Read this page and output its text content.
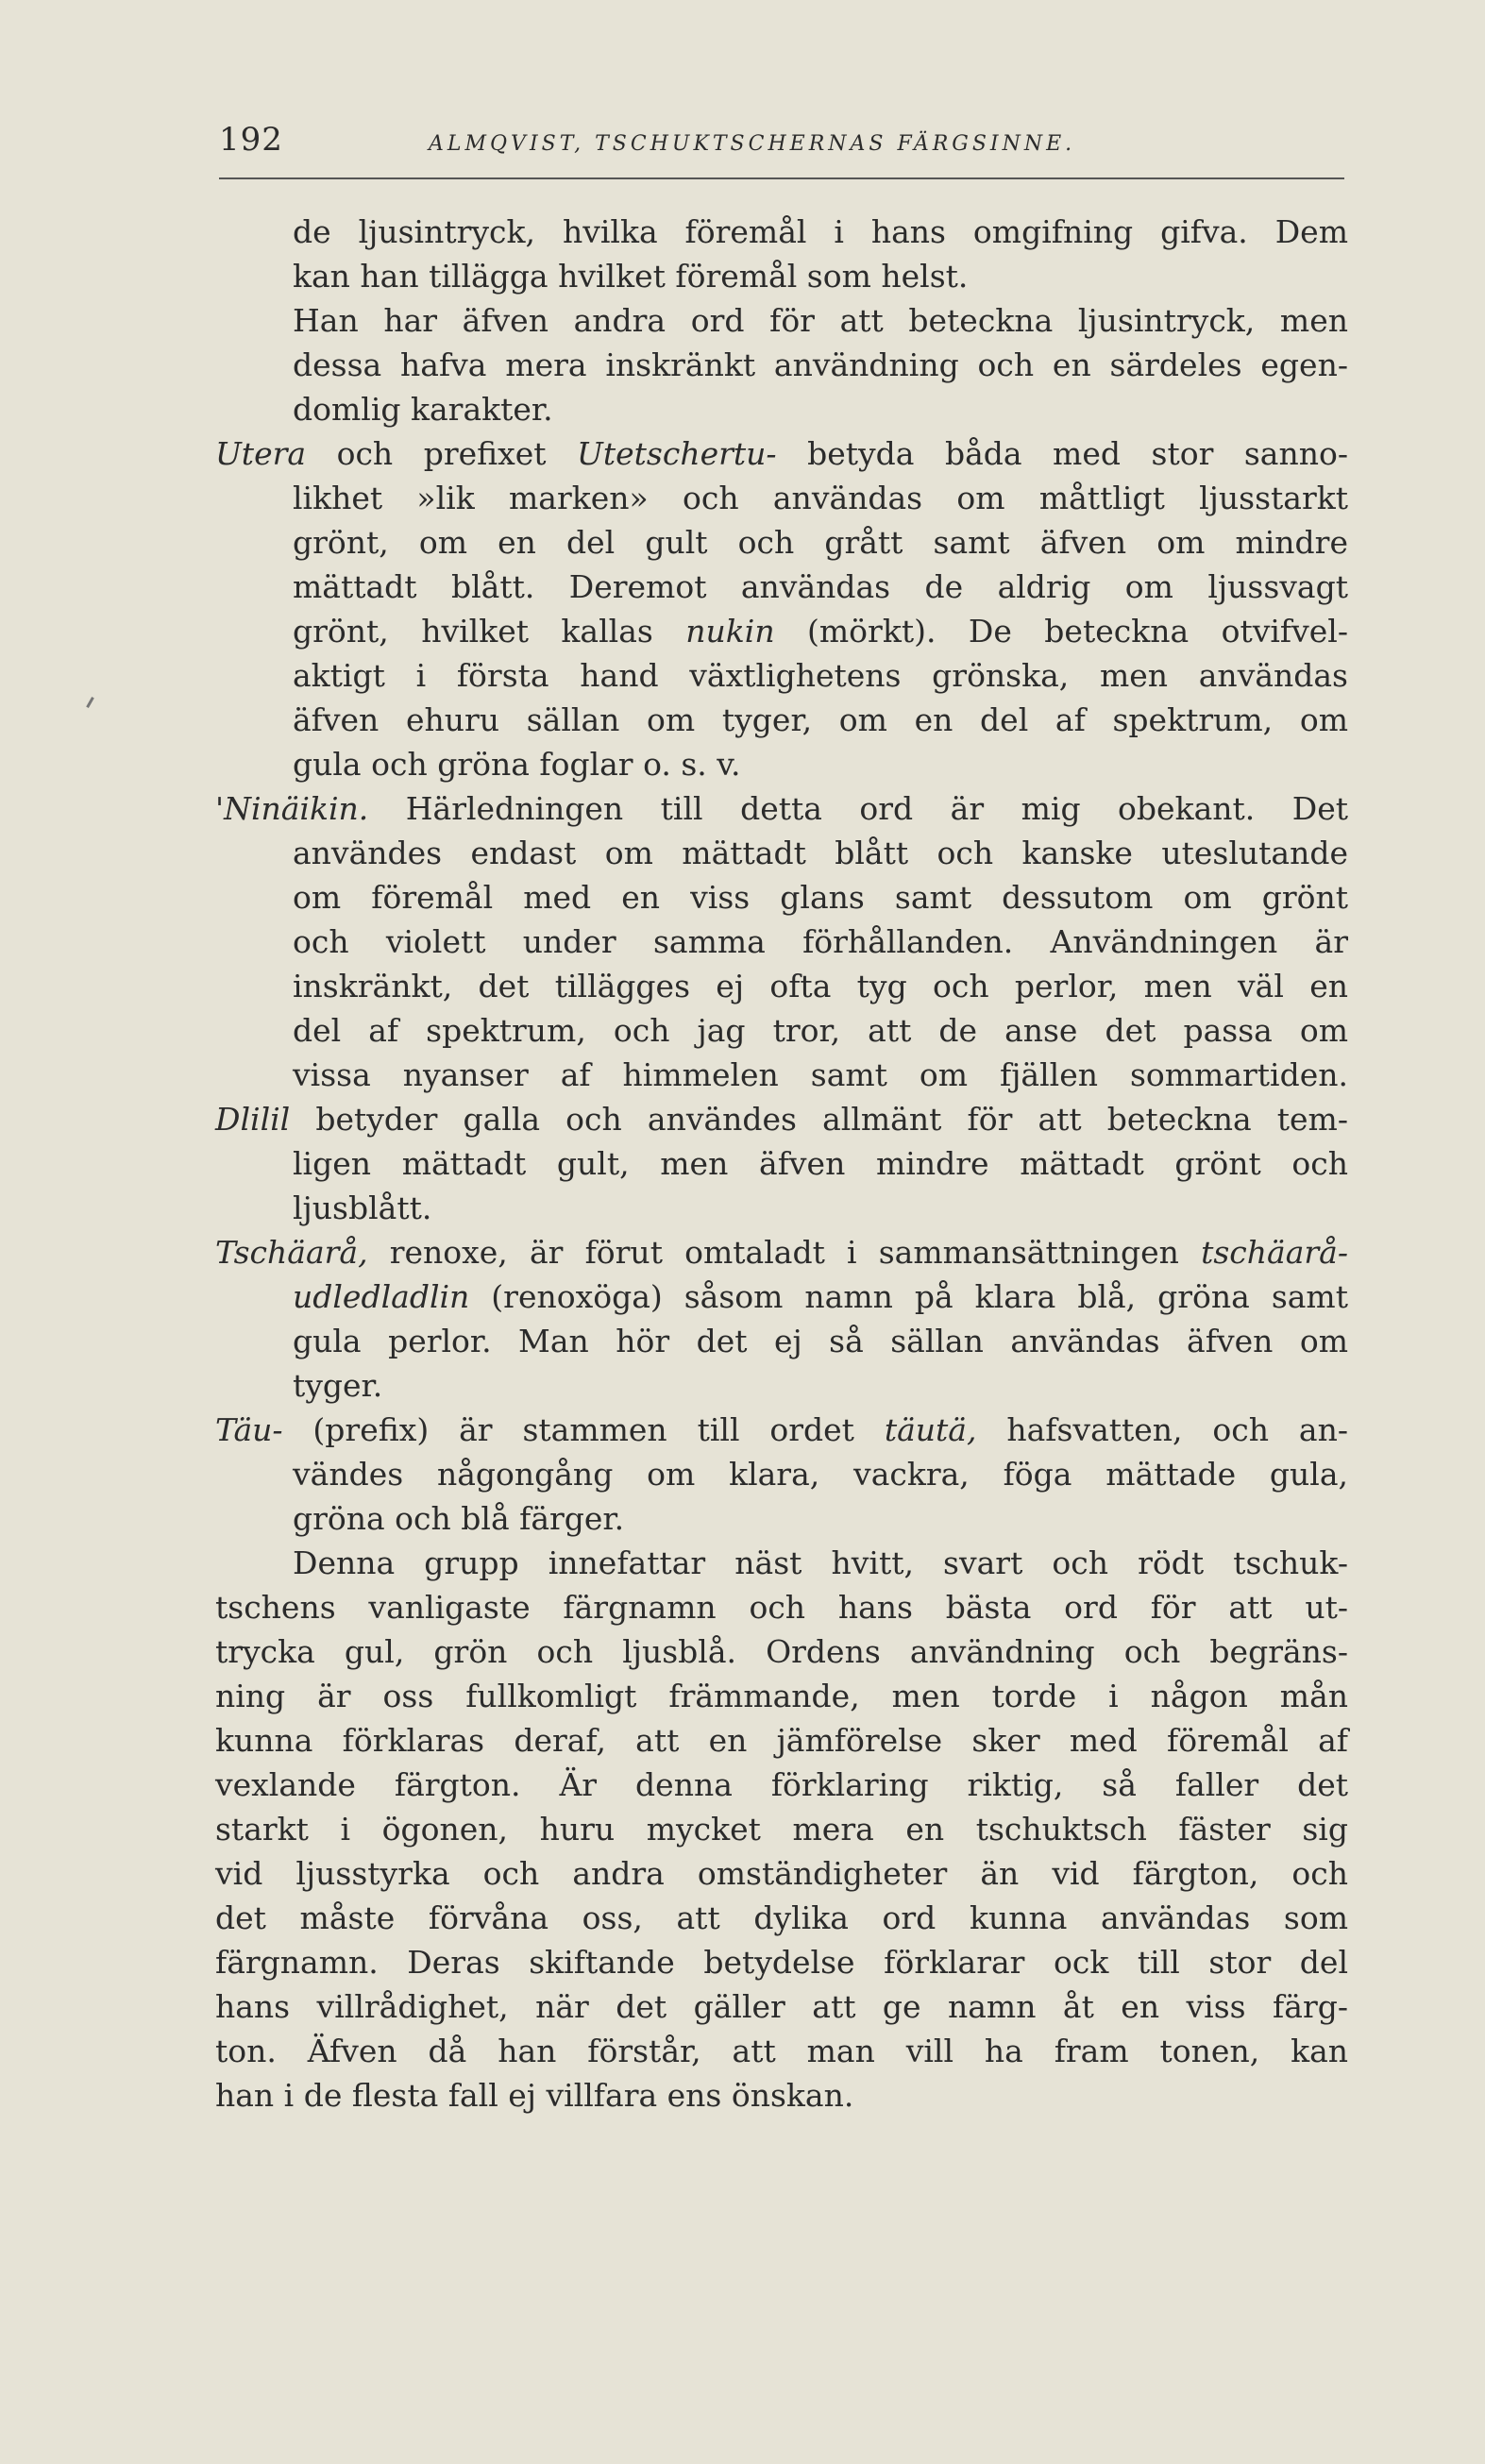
192	ALMQVIST, TSCHUKTSCHERNAS FÄRGSINNE.
de ljusintryck, hvilka föremål i hans omgifning gifva. Dem
kan han tillägga hvilket föremål som helst.
Han har äfven andra ord för att beteckna ljusintryck, men
dessa hafva mera inskränkt användning och en särdeles egen-
domlig karakter.
Utera och prefixet Utetschertu- betyda båda med stor sanno-
likhet »lik marken» och användas om måttligt ljusstarkt
grönt, om en del gult och grått samt äfven om mindre
mättadt blått. Deremot användas de aldrig om ljussvagt
grönt, hvilket kallas nukin (mörkt). De beteckna otvifvel-
aktigt i första hand växtlighetens grönska, men användas
äfven ehuru sällan om tyger, om en del af spektrum, om
gula och gröna foglar o. s. v.
'Ninäikin. Härledningen till detta ord är mig obekant. Det
användes endast om mättadt blått och kanske uteslutande
om föremål med en viss glans samt dessutom om grönt
och violett under samma förhållanden. Användningen är
inskränkt, det tillägges ej ofta tyg och perlor, men väl en
del af spektrum, och jag tror, att de anse det passa om
vissa nyanser af himmelen samt om fjällen sommartiden.
Dlilil betyder galla och användes allmänt för att beteckna tem-
ligen mättadt gult, men äfven mindre mättadt grönt och
ljusblått.
Tschäarå, renoxe, är förut omtaladt i sammansättningen tschäarå-
udledladlin (renoxöga) såsom namn på klara blå, gröna samt
gula perlor. Man hör det ej så sällan användas äfven om
tyger.
Täu- (prefix) är stammen till ordet täutä, hafsvatten, och an-
vändes någongång om klara, vackra, föga mättade gula,
gröna och blå färger.
Denna grupp innefattar näst hvitt, svart och rödt tschuk-
tschens vanligaste färgnamn och hans bästa ord för att ut-
trycka gul, grön och ljusblå. Ordens användning och begräns-
ning är oss fullkomligt främmande, men torde i någon mån
kunna förklaras deraf, att en jämförelse sker med föremål af
vexlande färgton. Är denna förklaring riktig, så faller det
starkt i ögonen, huru mycket mera en tschuktsch fäster sig
vid ljusstyrka och andra omständigheter än vid färgton, och
det måste förvåna oss, att dylika ord kunna användas som
färgnamn. Deras skiftande betydelse förklarar ock till stor del
hans villrådighet, när det gäller att ge namn åt en viss färg-
ton. Äfven då han förstår, att man vill ha fram tonen, kan
han i de flesta fall ej villfara ens önskan.
